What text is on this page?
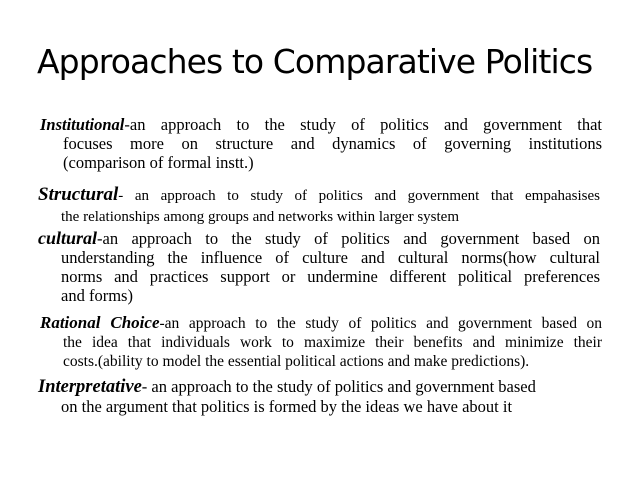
Approaches to Comparative Politics
Institutional-an approach to the study of politics and government that
focuses more on structure and dynamics of governing institutions
(comparison of formal instt.)
Structural- an approach to study of politics and government that empahasises
the relationships among groups and networks within larger system
cultural-an approach to the study of politics and government based on
understanding the influence of culture and cultural norms(how cultural
norms and practices support or undermine different political preferences
and forms)
Rational Choice-an approach to the study of politics and government based on
the idea that individuals work to maximize their benefits and minimize their
costs.(ability to model the essential political actions and make predictions).
Interpretative- an approach to the study of politics and government based
on the argument that politics is formed by the ideas we have about it
